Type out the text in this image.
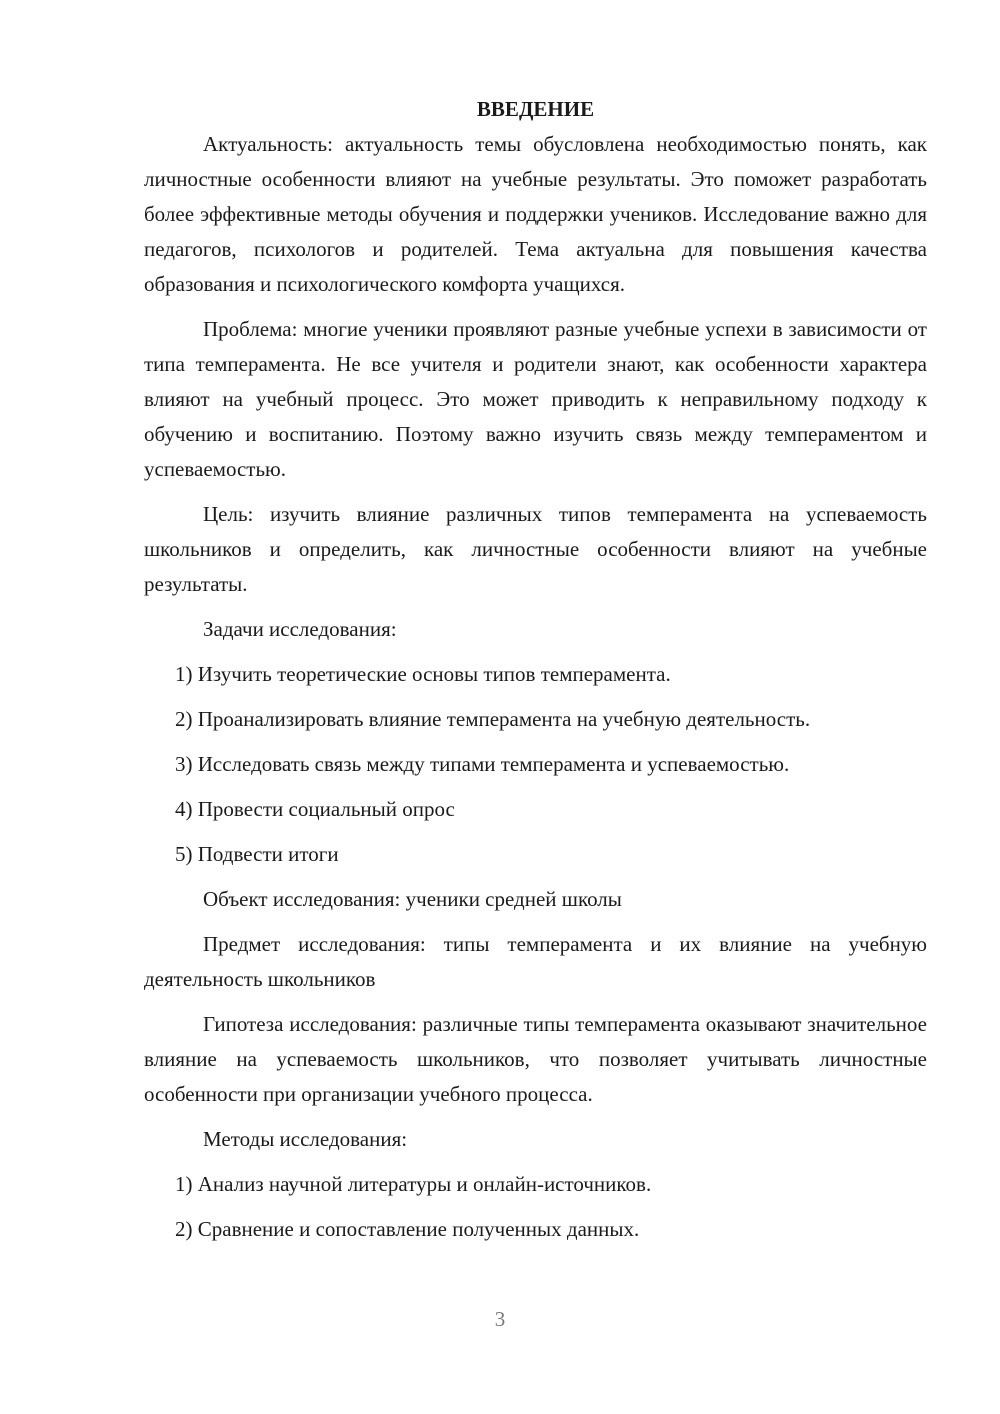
ВВЕДЕНИЕ

Актуальность: актуальность темы обусловлена необходимостью понять, как личностные особенности влияют на учебные результаты. Это поможет разработать более эффективные методы обучения и поддержки учеников. Исследование важно для педагогов, психологов и родителей. Тема актуальна для повышения качества образования и психологического комфорта учащихся.

Проблема: многие ученики проявляют разные учебные успехи в зависимости от типа темперамента. Не все учителя и родители знают, как особенности характера влияют на учебный процесс. Это может приводить к неправильному подходу к обучению и воспитанию. Поэтому важно изучить связь между темпераментом и успеваемостью.

Цель: изучить влияние различных типов темперамента на успеваемость школьников и определить, как личностные особенности влияют на учебные результаты.

Задачи исследования:

1) Изучить теоретические основы типов темперамента.

2) Проанализировать влияние темперамента на учебную деятельность.

3) Исследовать связь между типами темперамента и успеваемостью.

4) Провести социальный опрос

5) Подвести итоги

Объект исследования: ученики средней школы

Предмет исследования: типы темперамента и их влияние на учебную деятельность школьников

Гипотеза исследования: различные типы темперамента оказывают значительное влияние на успеваемость школьников, что позволяет учитывать личностные особенности при организации учебного процесса.

Методы исследования:

1) Анализ научной литературы и онлайн-источников.

2) Сравнение и сопоставление полученных данных.

3
